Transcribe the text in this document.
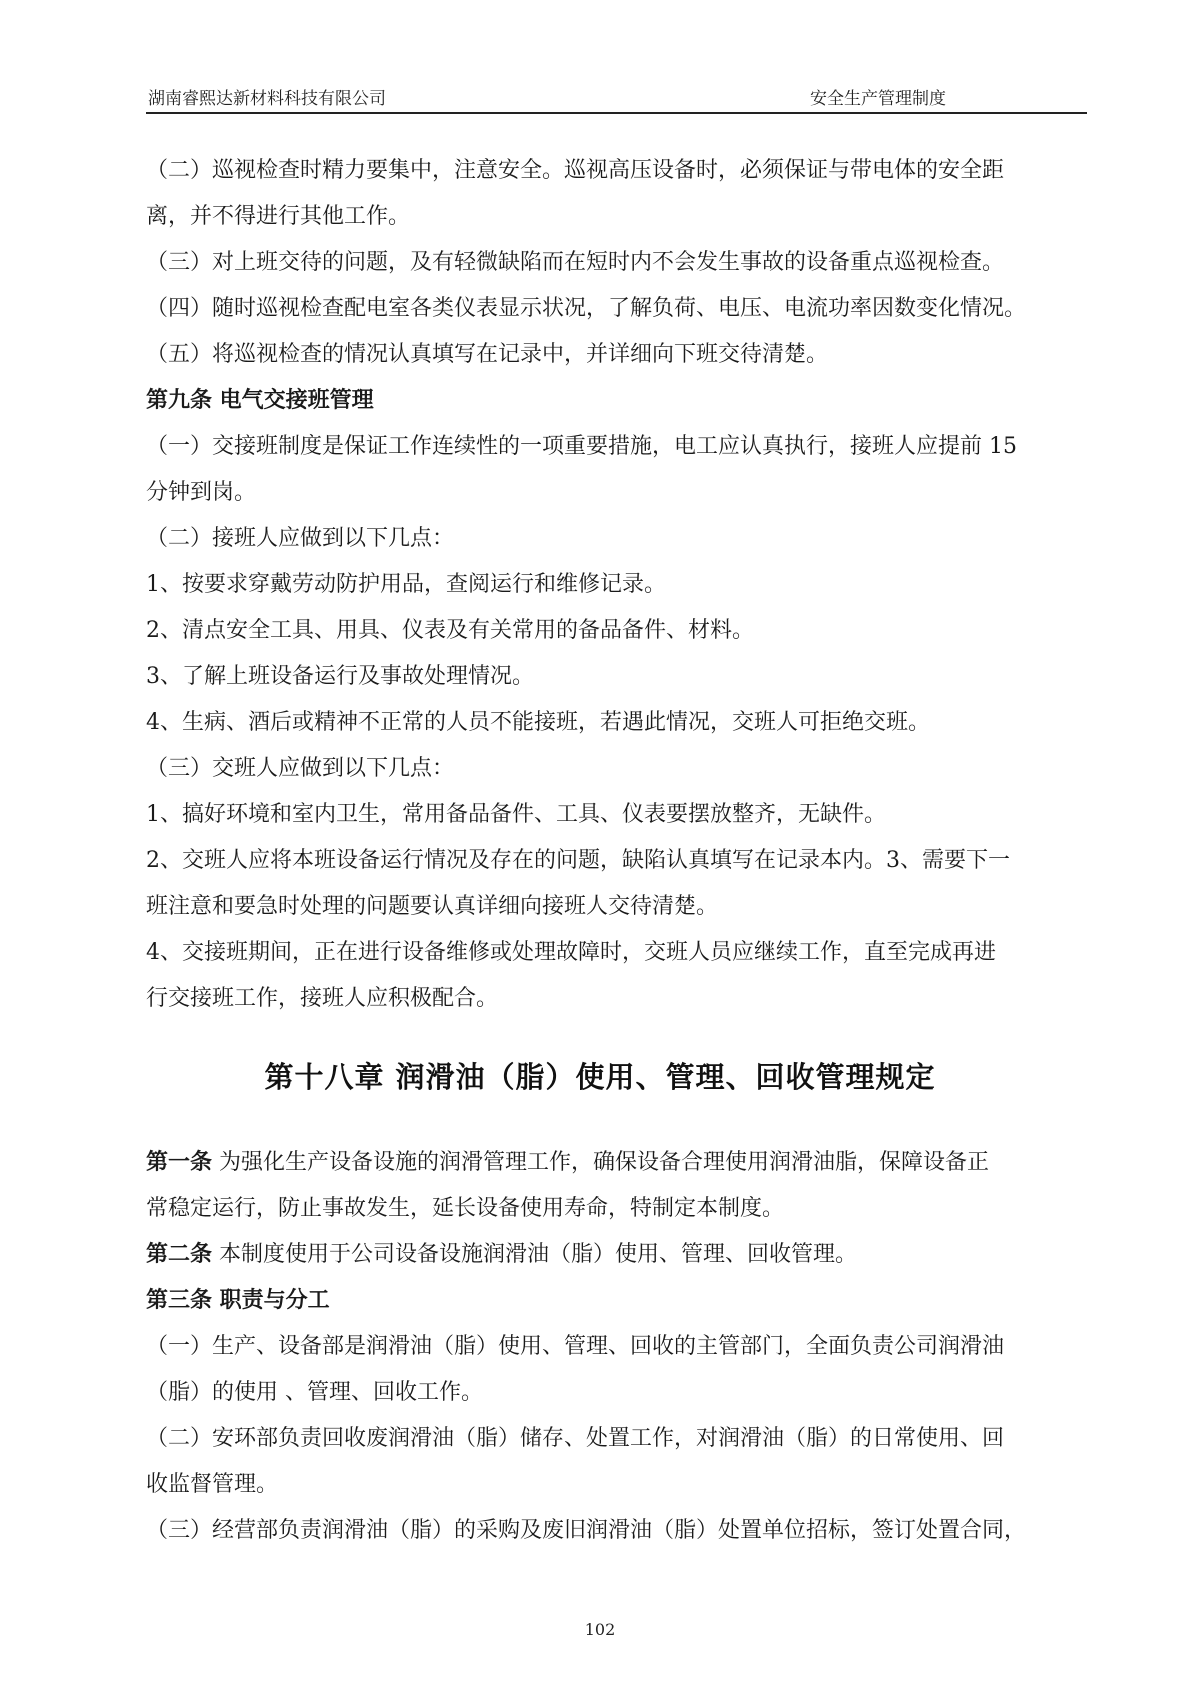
湖南睿熙达新材料科技有限公司	安全生产管理制度

（二）巡视检查时精力要集中，注意安全。巡视高压设备时，必须保证与带电体的安全距

离，并不得进行其他工作。

（三）对上班交待的问题，及有轻微缺陷而在短时内不会发生事故的设备重点巡视检查。

（四）随时巡视检查配电室各类仪表显示状况，了解负荷、电压、电流功率因数变化情况。

（五）将巡视检查的情况认真填写在记录中，并详细向下班交待清楚。

第九条 电气交接班管理

（一）交接班制度是保证工作连续性的一项重要措施，电工应认真执行，接班人应提前 15

分钟到岗。

（二）接班人应做到以下几点：

1、按要求穿戴劳动防护用品，查阅运行和维修记录。

2、清点安全工具、用具、仪表及有关常用的备品备件、材料。

3、了解上班设备运行及事故处理情况。

4、生病、酒后或精神不正常的人员不能接班，若遇此情况，交班人可拒绝交班。

（三）交班人应做到以下几点：

1、搞好环境和室内卫生，常用备品备件、工具、仪表要摆放整齐，无缺件。

2、交班人应将本班设备运行情况及存在的问题，缺陷认真填写在记录本内。3、需要下一

班注意和要急时处理的问题要认真详细向接班人交待清楚。

4、交接班期间，正在进行设备维修或处理故障时，交班人员应继续工作，直至完成再进

行交接班工作，接班人应积极配合。

第十八章 润滑油（脂）使用、管理、回收管理规定

第一条 为强化生产设备设施的润滑管理工作，确保设备合理使用润滑油脂，保障设备正

常稳定运行，防止事故发生，延长设备使用寿命，特制定本制度。

第二条 本制度使用于公司设备设施润滑油（脂）使用、管理、回收管理。

第三条 职责与分工

（一）生产、设备部是润滑油（脂）使用、管理、回收的主管部门，全面负责公司润滑油

（脂）的使用 、管理、回收工作。

（二）安环部负责回收废润滑油（脂）储存、处置工作，对润滑油（脂）的日常使用、回

收监督管理。

（三）经营部负责润滑油（脂）的采购及废旧润滑油（脂）处置单位招标，签订处置合同，

102
